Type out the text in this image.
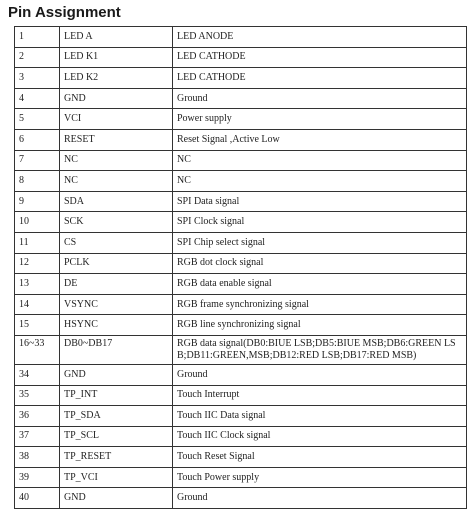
Pin Assignment
1	LED A	LED ANODE
2	LED K1	LED CATHODE
3	LED K2	LED CATHODE
4	GND	Ground
5	VCI	Power supply
6	RESET	Reset Signal ,Active Low
7	NC	NC
8	NC	NC
9	SDA	SPI Data signal
10	SCK	SPI Clock signal
11	CS	SPI Chip select signal
12	PCLK	RGB dot clock signal
13	DE	RGB data enable signal
14	VSYNC	RGB frame synchronizing signal
15	HSYNC	RGB line synchronizing signal
16~33	DB0~DB17	RGB data signal(DB0:BIUE LSB;DB5:BIUE MSB;DB6:GREEN LSB;DB11:GREEN,MSB;DB12:RED LSB;DB17:RED MSB)
34	GND	Ground
35	TP_INT	Touch Interrupt
36	TP_SDA	Touch IIC Data signal
37	TP_SCL	Touch IIC Clock signal
38	TP_RESET	Touch Reset Signal
39	TP_VCI	Touch Power supply
40	GND	Ground
